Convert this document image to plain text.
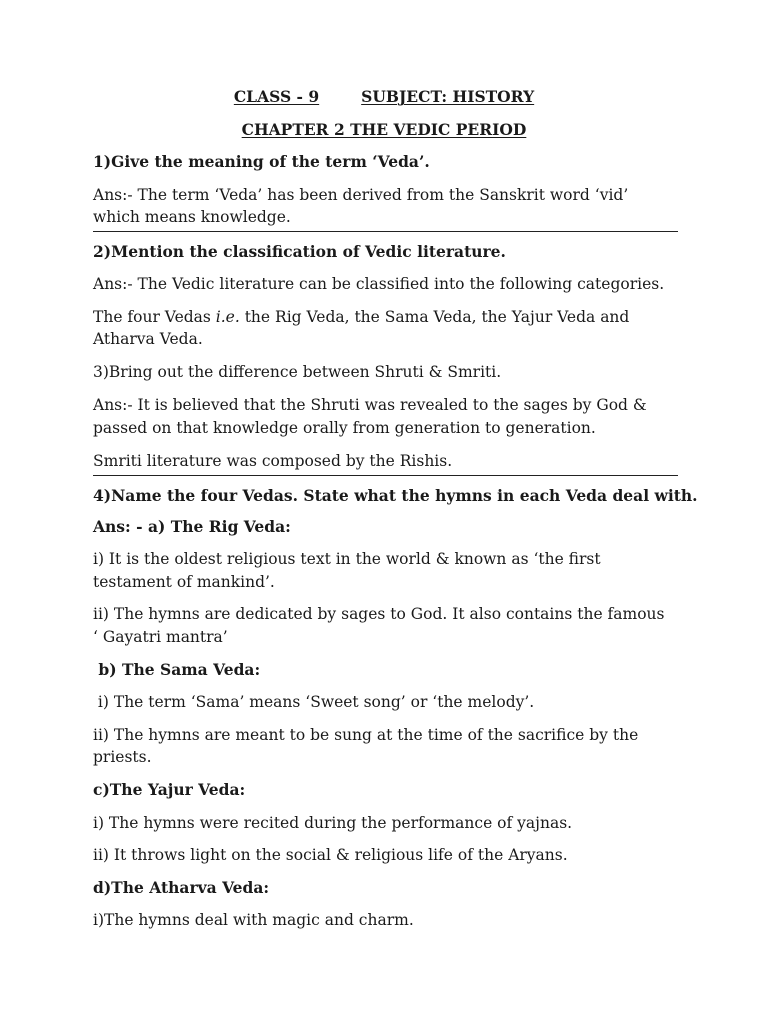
CLASS - 9	SUBJECT: HISTORY
CHAPTER 2 THE VEDIC PERIOD
1)Give the meaning of the term ‘Veda’.
Ans:- The term ‘Veda’ has been derived from the Sanskrit word ‘vid’
which means knowledge.
2)Mention the classification of Vedic literature.
Ans:- The Vedic literature can be classified into the following categories.
The four Vedas i.e. the Rig Veda, the Sama Veda, the Yajur Veda and
Atharva Veda.
3)Bring out the difference between Shruti & Smriti.
Ans:- It is believed that the Shruti was revealed to the sages by God &
passed on that knowledge orally from generation to generation.
Smriti literature was composed by the Rishis.
4)Name the four Vedas. State what the hymns in each Veda deal with.
Ans: - a) The Rig Veda:
i) It is the oldest religious text in the world & known as ‘the first
testament of mankind’.
ii) The hymns are dedicated by sages to God. It also contains the famous
‘ Gayatri mantra’
b) The Sama Veda:
i) The term ‘Sama’ means ‘Sweet song’ or ‘the melody’.
ii) The hymns are meant to be sung at the time of the sacrifice by the
priests.
c)The Yajur Veda:
i) The hymns were recited during the performance of yajnas.
ii) It throws light on the social & religious life of the Aryans.
d)The Atharva Veda:
i)The hymns deal with magic and charm.
